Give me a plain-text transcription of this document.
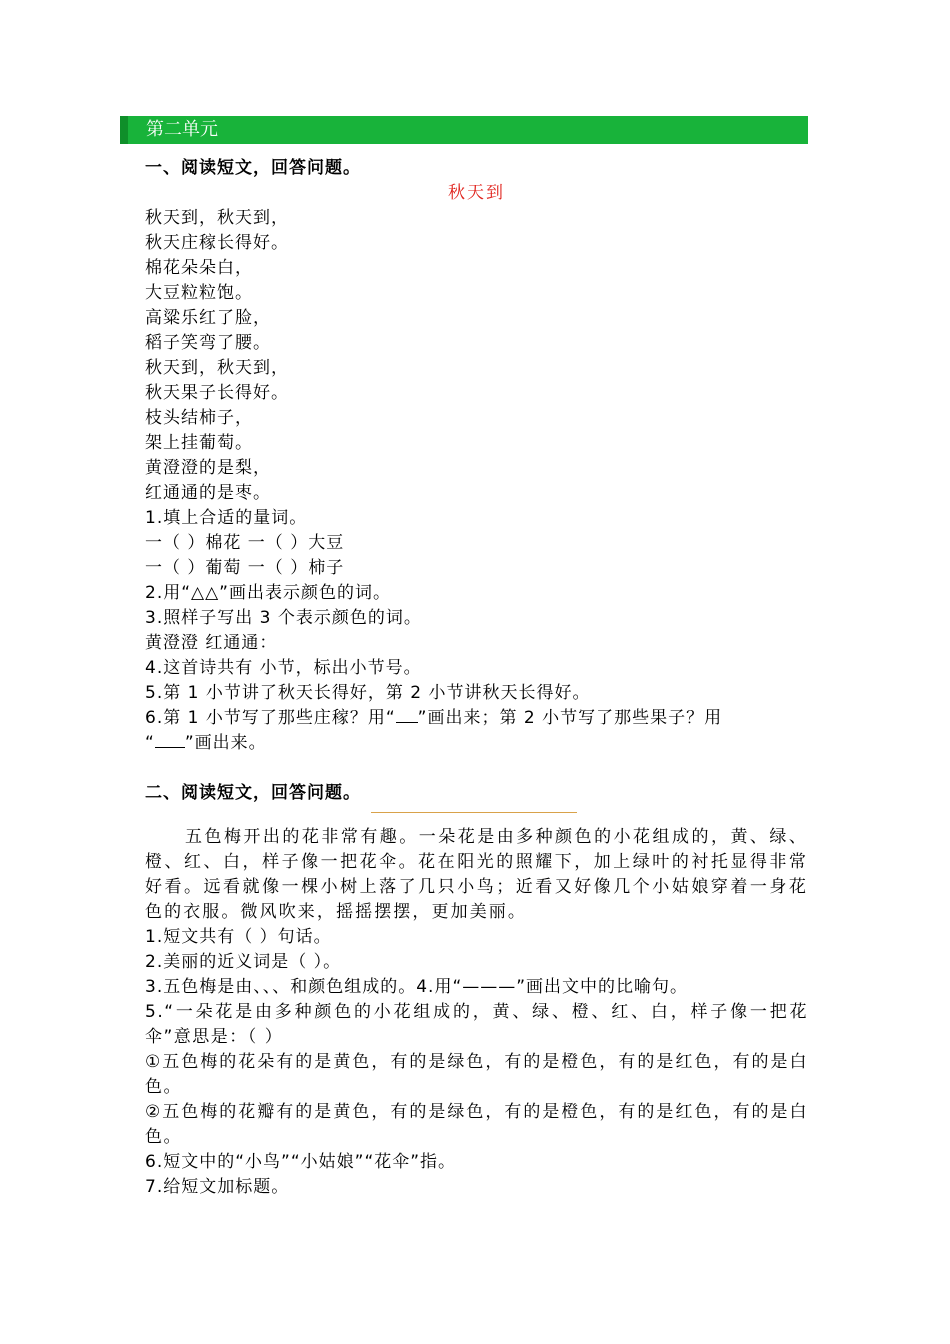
第二单元
一、阅读短文，回答问题。
秋天到
秋天到，秋天到，
秋天庄稼长得好。
棉花朵朵白，
大豆粒粒饱。
高粱乐红了脸，
稻子笑弯了腰。
秋天到，秋天到，
秋天果子长得好。
枝头结柿子，
架上挂葡萄。
黄澄澄的是梨，
红通通的是枣。
1.填上合适的量词。
一（ ）棉花 一（ ）大豆
一（ ）葡萄 一（ ）柿子
2.用“△△”画出表示颜色的词。
3.照样子写出 3 个表示颜色的词。
黄澄澄 红通通：
4.这首诗共有 小节，标出小节号。
5.第 1 小节讲了秋天长得好，第 2 小节讲秋天长得好。
6.第 1 小节写了那些庄稼？用“ ”画出来；第 2 小节写了那些果子？用
“ ”画出来。
二、阅读短文，回答问题。
五色梅开出的花非常有趣。一朵花是由多种颜色的小花组成的，黄、绿、橙、红、白，样子像一把花伞。花在阳光的照耀下，加上绿叶的衬托显得非常好看。远看就像一棵小树上落了几只小鸟；近看又好像几个小姑娘穿着一身花色的衣服。微风吹来，摇摇摆摆，更加美丽。
1.短文共有（ ）句话。
2.美丽的近义词是（ ）。
3.五色梅是由、、、和颜色组成的。4.用“———”画出文中的比喻句。
5.“一朵花是由多种颜色的小花组成的，黄、绿、橙、红、白，样子像一把花伞”意思是：（ ）
①五色梅的花朵有的是黄色，有的是绿色，有的是橙色，有的是红色，有的是白色。
②五色梅的花瓣有的是黄色，有的是绿色，有的是橙色，有的是红色，有的是白色。
6.短文中的“小鸟”“小姑娘”“花伞”指。
7.给短文加标题。
